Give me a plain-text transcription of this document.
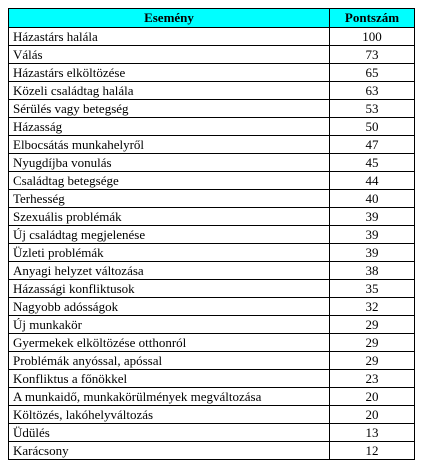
Esemény	Pontszám
Házastárs halála	100
Válás	73
Házastárs elköltözése	65
Közeli családtag halála	63
Sérülés vagy betegség	53
Házasság	50
Elbocsátás munkahelyről	47
Nyugdíjba vonulás	45
Családtag betegsége	44
Terhesség	40
Szexuális problémák	39
Új családtag megjelenése	39
Üzleti problémák	39
Anyagi helyzet változása	38
Házassági konfliktusok	35
Nagyobb adósságok	32
Új munkakör	29
Gyermekek elköltözése otthonról	29
Problémák anyóssal, apóssal	29
Konfliktus a főnökkel	23
A munkaidő, munkakörülmények megváltozása	20
Költözés, lakóhelyváltozás	20
Üdülés	13
Karácsony	12
